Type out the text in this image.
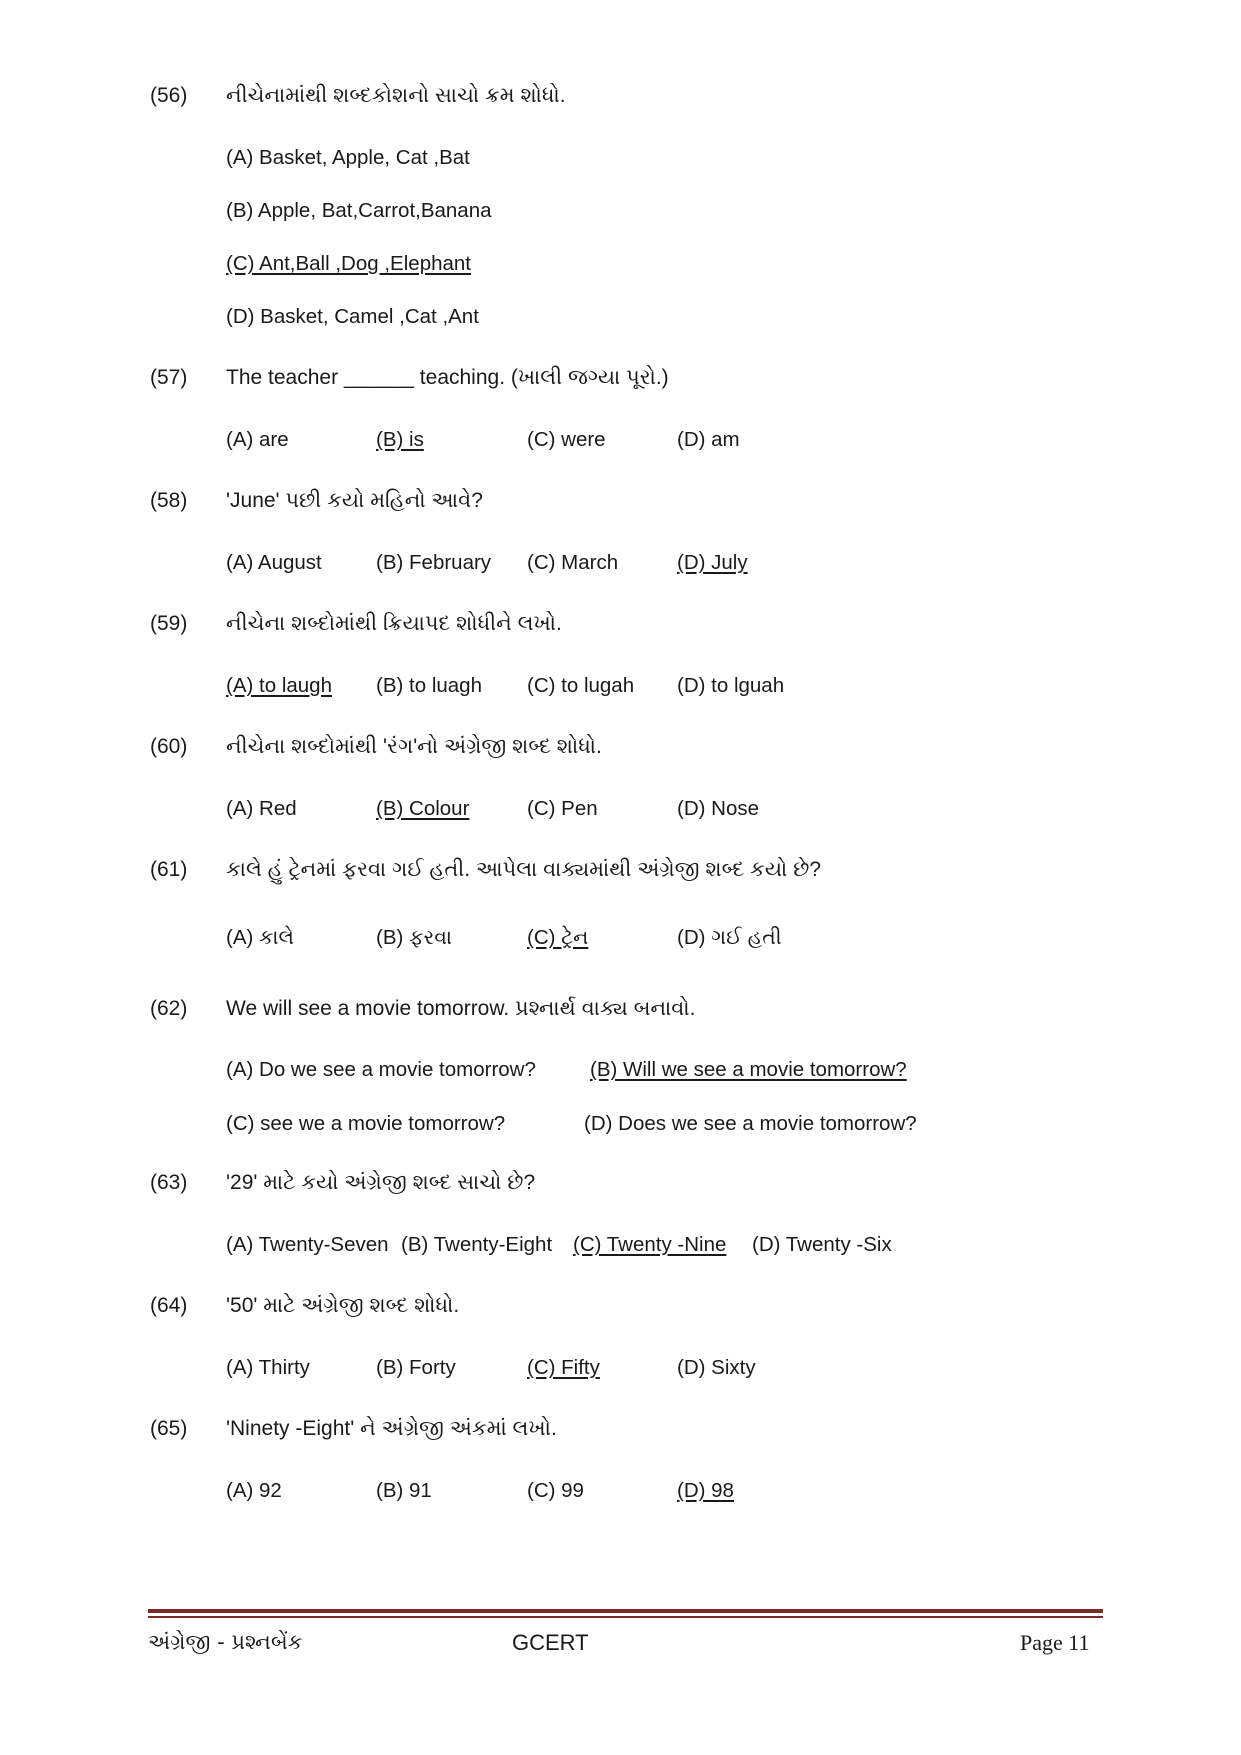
(56)	નીચેનામાંથી શબ્દકોશનો સાચો ક્રમ શોધો.
(A) Basket, Apple, Cat ,Bat
(B) Apple, Bat,Carrot,Banana
(C) Ant,Ball ,Dog ,Elephant
(D) Basket, Camel ,Cat ,Ant
(57)	The teacher ______ teaching. (ખાલી જગ્યા પૂરો.)
(A) are	(B) is	(C) were	(D) am
(58)	'June' પછી કયો મહિનો આવે?
(A) August	(B) February (C) March	(D) July
(59)	નીચેના શબ્દોમાંથી ક્રિયાપદ શોધીને લખો.
(A) to laugh (B) to luagh (C) to lugah (D) to lguah
(60)	નીચેના શબ્દોમાંથી 'રંગ'નો અંગ્રેજી શબ્દ શોધો.
(A) Red	(B) Colour	(C) Pen	(D) Nose
(61)	કાલે હું ટ્રેનમાં ફરવા ગઈ હતી. આપેલા વાક્યમાંથી અંગ્રેજી શબ્દ કયો છે?
(A) કાલે	(B) ફરવા	(C) ટ્રેન	(D) ગઈ હતી
(62)	We will see a movie tomorrow. પ્રશ્નાર્થ વાક્ય બનાવો.
(A) Do we see a movie tomorrow?	(B) Will we see a movie tomorrow?
(C) see we a movie tomorrow?	(D) Does we see a movie tomorrow?
(63)	'29' માટે કયો અંગ્રેજી શબ્દ સાચો છે?
(A) Twenty-Seven (B) Twenty-Eight (C) Twenty -Nine (D) Twenty -Six
(64)	'50' માટે અંગ્રેજી શબ્દ શોધો.
(A) Thirty	(B) Forty	(C) Fifty	(D) Sixty
(65)	'Ninety -Eight' ને અંગ્રેજી અંકમાં લખો.
(A) 92	(B) 91	(C) 99	(D) 98
અંગ્રેજી - પ્રશ્નબેંક	GCERT	Page 11
